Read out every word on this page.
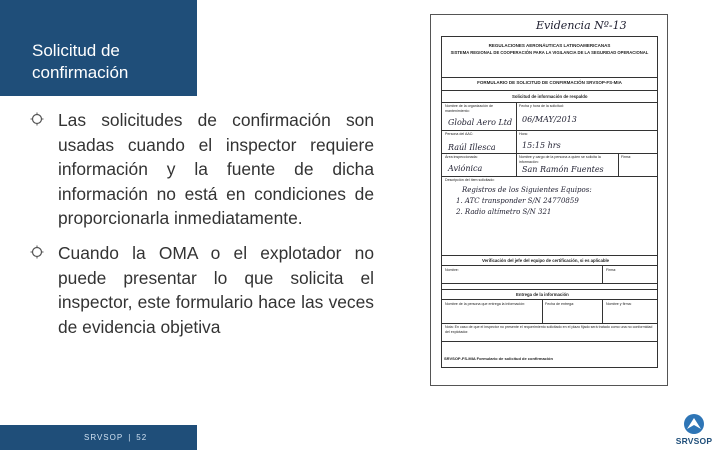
Solicitud de confirmación
Las solicitudes de confirmación son usadas cuando el inspector requiere información y la fuente de dicha información no está en condiciones de proporcionarla inmediatamente.
Cuando la OMA o el explotador no puede presentar lo que solicita el inspector, este formulario hace las veces de evidencia objetiva
SRVSOP | 52
Evidencia Nº-13
REGULACIONES AERONÁUTICAS LATINOAMERICANAS
SISTEMA REGIONAL DE COOPERACIÓN PARA LA VIGILANCIA DE LA SEGURIDAD OPERACIONAL
FORMULARIO DE SOLICITUD DE CONFIRMACIÓN SRVSOP-FS-MIA
Solicitud de información de respaldo
Nombre de la organización de mantenimiento:
Global Aero Ltd
Fecha y hora de la solicitud:
06/MAY/2013
Persona del AAC:
Raúl Illesca
Hora:
15:15 hrs
Área inspeccionada:
Aviónica
Nombre y cargo de la persona a quien se solicita la información:
San Ramón Fuentes
Firma:
Descripción del ítem solicitado:
Registros de los Siguientes Equipos:
1. ATC transponder S/N 24770859
2. Radio altímetro S/N 321
Verificación del jefe del equipo de certificación, si es aplicable
Nombre:	Firma:
Entrega de la información
Nombre de la persona que entrega la información:	Fecha de entrega:	Nombre y firma:
Nota: En caso de que el inspector no presente el requerimiento solicitado en el plazo fijado será tratado como una no conformidad del explotador.
SRVSOP-FS-MIA Formulario de solicitud de confirmación
SRVSOP
